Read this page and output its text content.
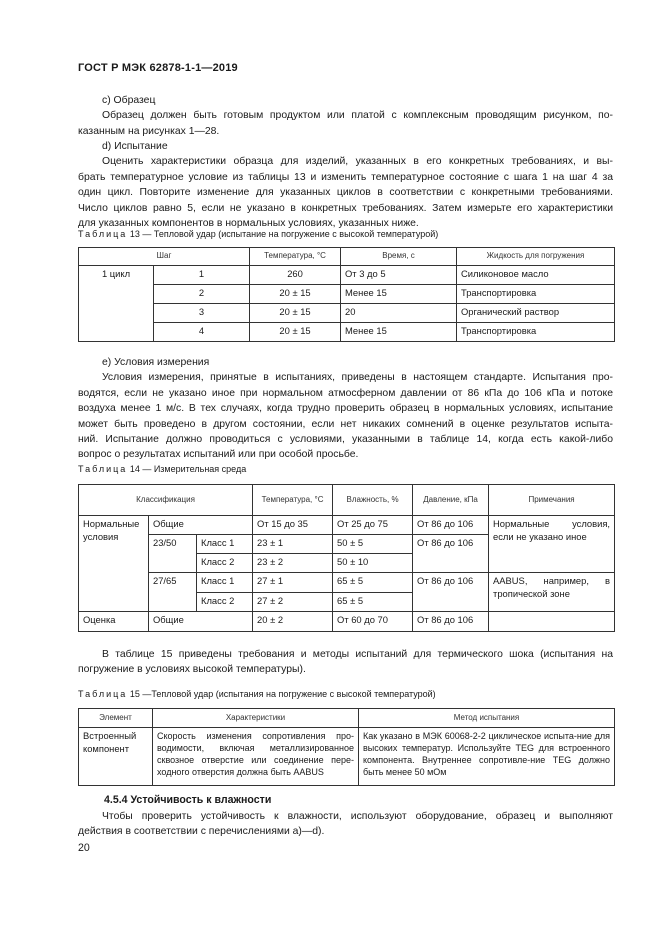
ГОСТ Р МЭК 62878-1-1—2019
c) Образец
Образец должен быть готовым продуктом или платой с комплексным проводящим рисунком, по-
казанным на рисунках 1—28.
d) Испытание
Оценить характеристики образца для изделий, указанных в его конкретных требованиях, и вы-
брать температурное условие из таблицы 13 и изменить температурное состояние с шага 1 на шаг 4 за
один цикл. Повторите изменение для указанных циклов в соответствии с конкретными требованиями.
Число циклов равно 5, если не указано в конкретных требованиях. Затем измерьте его характеристики
для указанных компонентов в нормальных условиях, указанных ниже.
Таблица 13 — Тепловой удар (испытание на погружение с высокой температурой)
Шаг		Температура, °С	Время, с	Жидкость для погружения
1 цикл	1	260	От 3 до 5	Силиконовое масло
	2	20 ± 15	Менее 15	Транспортировка
	3	20 ± 15	20	Органический раствор
	4	20 ± 15	Менее 15	Транспортировка
e) Условия измерения
Условия измерения, принятые в испытаниях, приведены в настоящем стандарте. Испытания про-
водятся, если не указано иное при нормальном атмосферном давлении от 86 кПа до 106 кПа и потоке
воздуха менее 1 м/с. В тех случаях, когда трудно проверить образец в нормальных условиях, испытание
может быть проведено в другом состоянии, если нет никаких сомнений в оценке результатов испыта-
ний. Испытание должно проводиться с условиями, указанными в таблице 14, когда есть какой-либо
вопрос о результатах испытаний или при особой просьбе.
Таблица 14 — Измерительная среда
Классификация			Температура, °С	Влажность, %	Давление, кПа	Примечания
Нормальные условия	Общие		От 15 до 35	От 25 до 75	От 86 до 106	Нормальные условия, если не указано иное
	23/50	Класс 1	23 ± 1	50 ± 5	От 86 до 106	
		Класс 2	23 ± 2	50 ± 10		
	27/65	Класс 1	27 ± 1	65 ± 5	От 86 до 106	AABUS, например, в тропической зоне
		Класс 2	27 ± 2	65 ± 5		
Оценка	Общие		20 ± 2	От 60 до 70	От 86 до 106	
В таблице 15 приведены требования и методы испытаний для термического шока (испытания на
погружение в условиях высокой температуры).
Таблица 15 —Тепловой удар (испытания на погружение с высокой температурой)
Элемент	Характеристики	Метод испытания
Встроенный компонент	Скорость изменения сопротивления про-водимости, включая металлизированное сквозное отверстие или соединение пере-ходного отверстия должна быть AABUS	Как указано в МЭК 60068-2-2 циклическое испыта-ние для высоких температур. Используйте TEG для встроенного компонента. Внутреннее сопротивле-ние TEG должно быть менее 50 мОм
4.5.4 Устойчивость к влажности
Чтобы проверить устойчивость к влажности, используют оборудование, образец и выполняют
действия в соответствии с перечислениями а)—d).
20
